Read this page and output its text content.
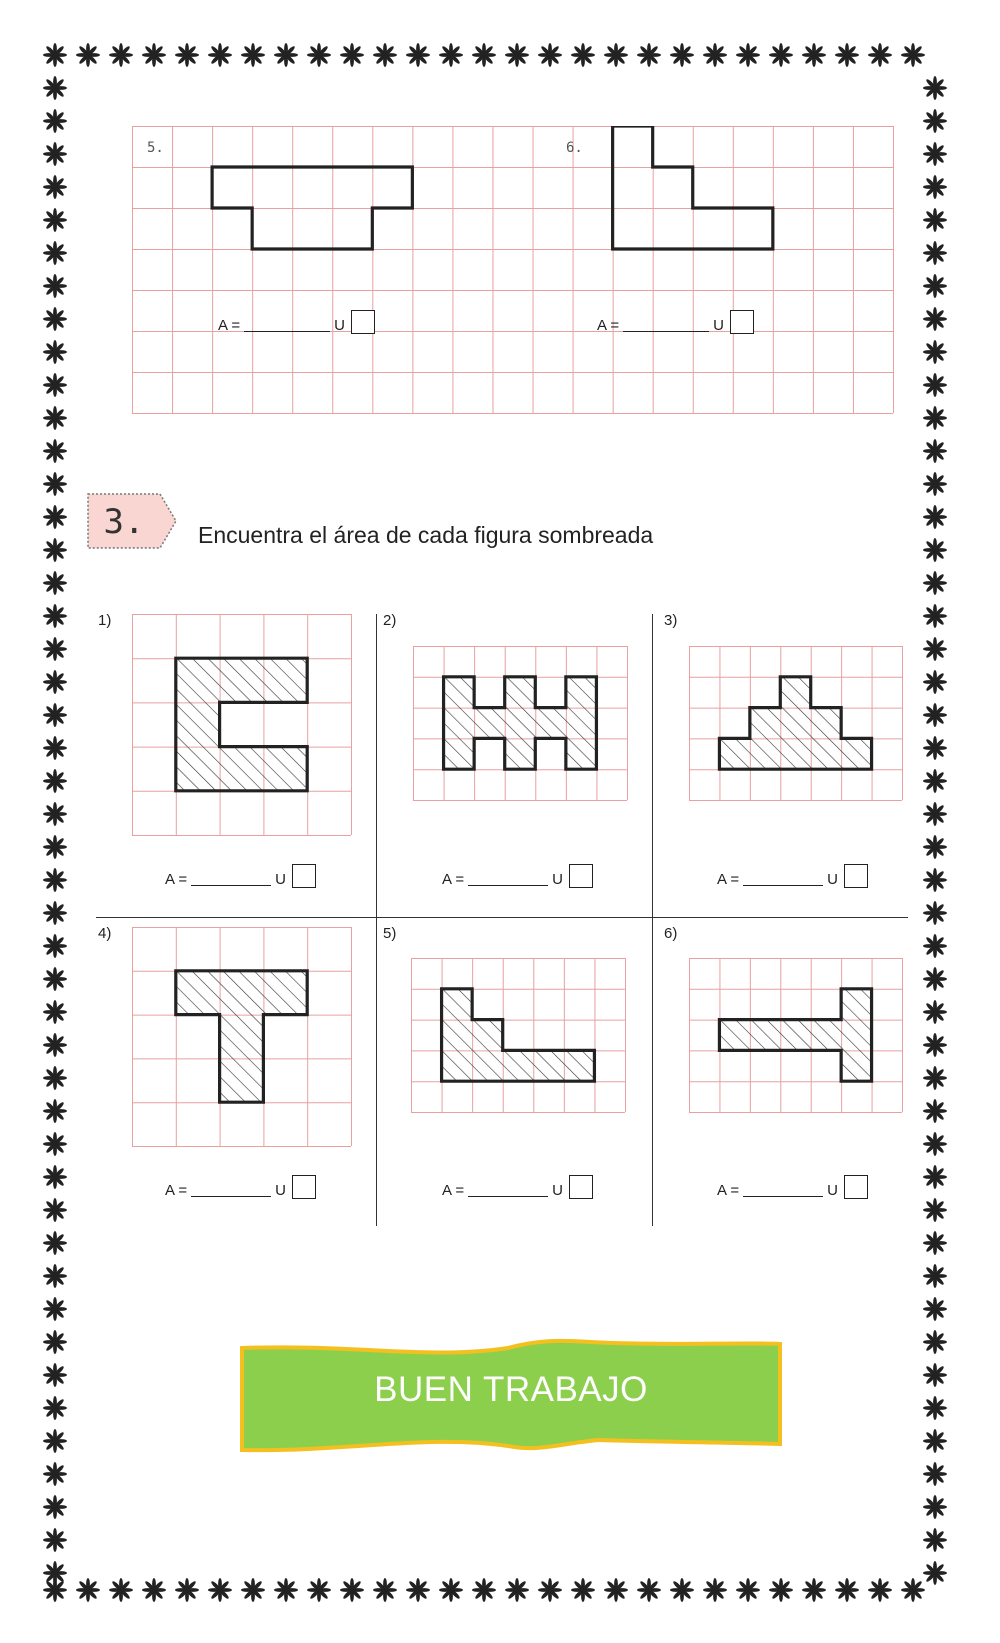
5.	6.
A =	U	A =	U
3. Encuentra el área de cada figura sombreada
1)	2)	3)
4)	5)	6)
A =	U	A =	U	A =	U
A =	U	A =	U	A =	U
BUEN TRABAJO
